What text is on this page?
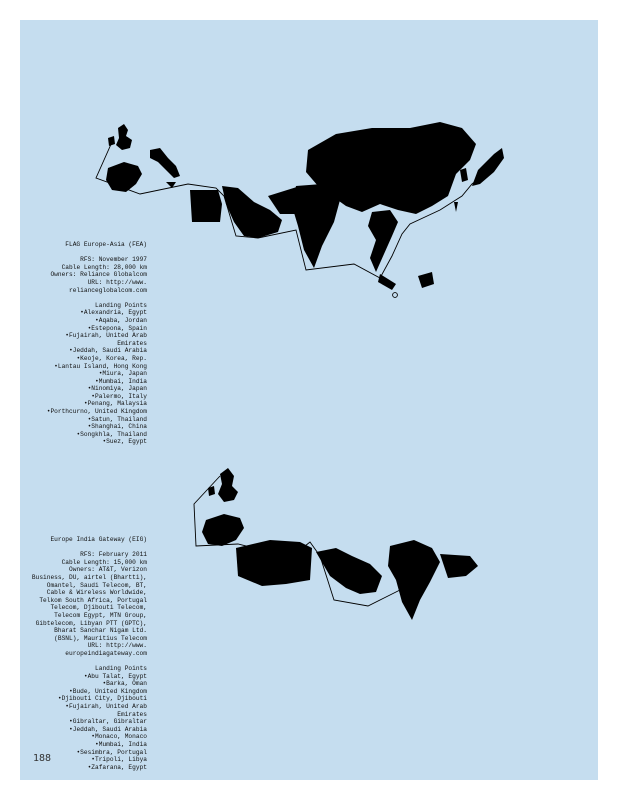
FLAG Europe-Asia (FEA)
RFS: November 1997
Cable Length: 28,000 km
Owners: Reliance Globalcom
URL: http://www.
relianceglobalcom.com
Landing Points
•Alexandria, Egypt
•Aqaba, Jordan
•Estepona, Spain
•Fujairah, United Arab
Emirates
•Jeddah, Saudi Arabia
•Keoje, Korea, Rep.
•Lantau Island, Hong Kong
•Miura, Japan
•Mumbai, India
•Ninomiya, Japan
•Palermo, Italy
•Penang, Malaysia
•Porthcurno, United Kingdom
•Satun, Thailand
•Shanghai, China
•Songkhla, Thailand
•Suez, Egypt
Europe India Gateway (EIG)
RFS: February 2011
Cable Length: 15,000 km
Owners: AT&T, Verizon
Business, DU, airtel (Bhartti),
Omantel, Saudi Telecom, BT,
Cable & Wireless Worldwide,
Telkom South Africa, Portugal
Telecom, Djibouti Telecom,
Telecom Egypt, MTN Group,
Gibtelecom, Libyan PTT (GPTC),
Bharat Sanchar Nigam Ltd.
(BSNL), Mauritius Telecom
URL: http://www.
europeindiagateway.com
Landing Points
•Abu Talat, Egypt
•Barka, Oman
•Bude, United Kingdom
•Djibouti City, Djibouti
•Fujairah, United Arab
Emirates
•Gibraltar, Gibraltar
•Jeddah, Saudi Arabia
•Monaco, Monaco
•Mumbai, India
•Sesimbra, Portugal
•Tripoli, Libya
•Zafarana, Egypt
188
